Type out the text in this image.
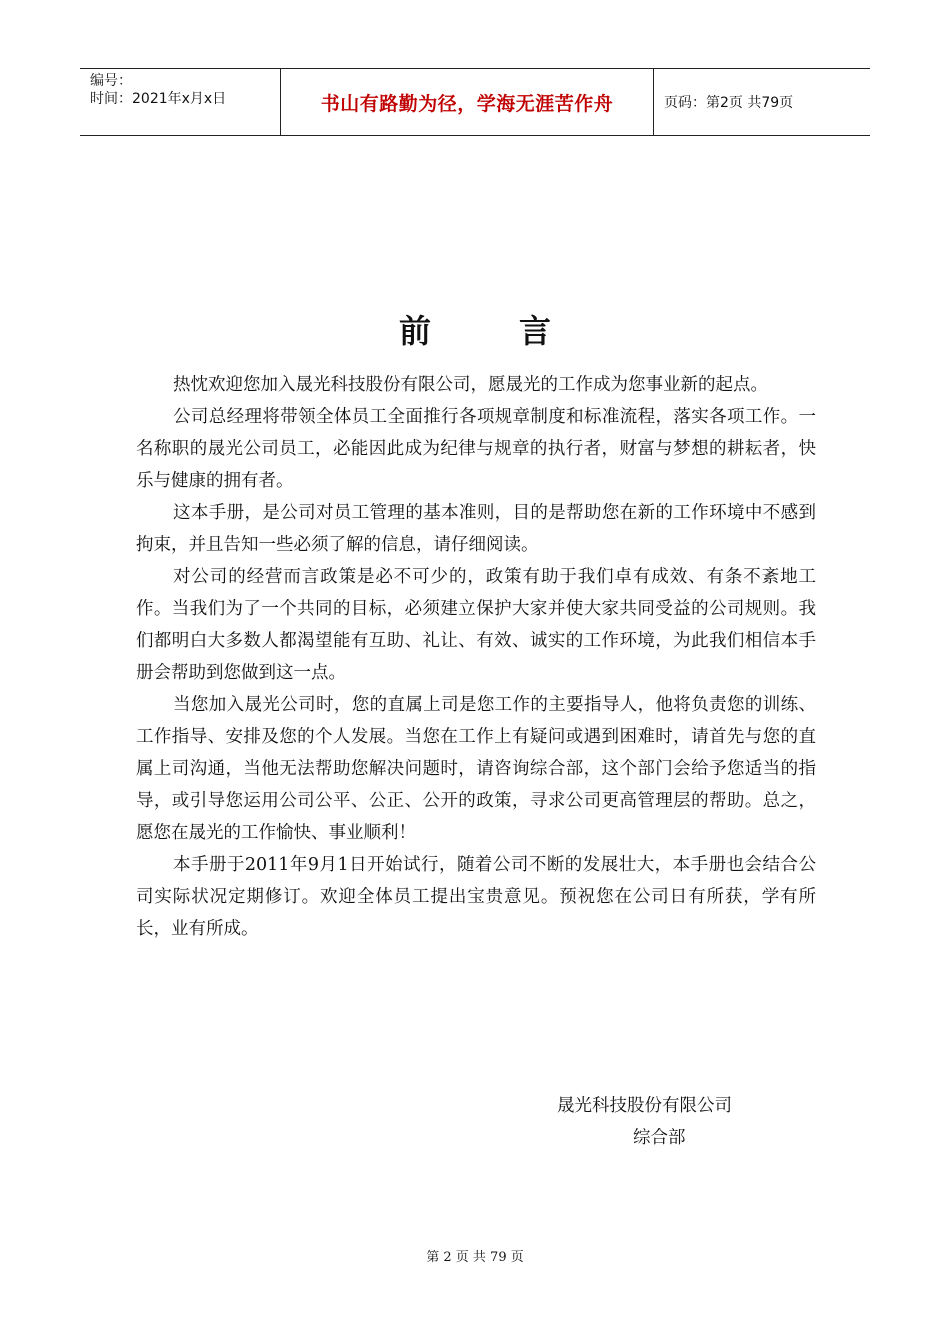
编号：
时间：2021年x月x日	书山有路勤为径，学海无涯苦作舟	页码：第2页 共79页
前言

热忱欢迎您加入晟光科技股份有限公司，愿晟光的工作成为您事业新的起点。

公司总经理将带领全体员工全面推行各项规章制度和标准流程，落实各项工作。一名称职的晟光公司员工，必能因此成为纪律与规章的执行者，财富与梦想的耕耘者，快乐与健康的拥有者。

这本手册，是公司对员工管理的基本准则，目的是帮助您在新的工作环境中不感到拘束，并且告知一些必须了解的信息，请仔细阅读。

对公司的经营而言政策是必不可少的，政策有助于我们卓有成效、有条不紊地工作。当我们为了一个共同的目标，必须建立保护大家并使大家共同受益的公司规则。我们都明白大多数人都渴望能有互助、礼让、有效、诚实的工作环境，为此我们相信本手册会帮助到您做到这一点。

当您加入晟光公司时，您的直属上司是您工作的主要指导人，他将负责您的训练、工作指导、安排及您的个人发展。当您在工作上有疑问或遇到困难时，请首先与您的直属上司沟通，当他无法帮助您解决问题时，请咨询综合部，这个部门会给予您适当的指导，或引导您运用公司公平、公正、公开的政策，寻求公司更高管理层的帮助。总之，愿您在晟光的工作愉快、事业顺利！

本手册于2011年9月1日开始试行，随着公司不断的发展壮大，本手册也会结合公司实际状况定期修订。欢迎全体员工提出宝贵意见。预祝您在公司日有所获，学有所长，业有所成。

晟光科技股份有限公司
综合部
第 2 页 共 79 页
